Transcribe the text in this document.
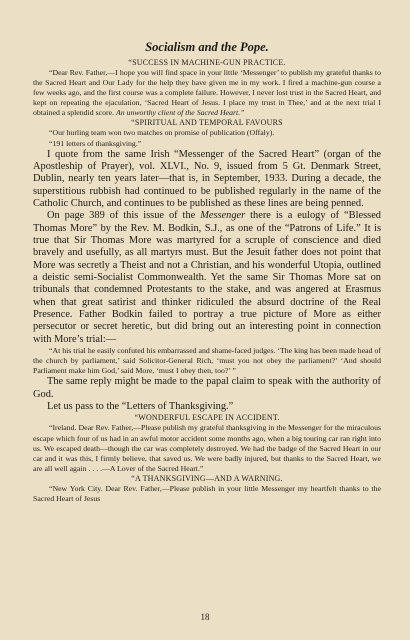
Socialism and the Pope.

“SUCCESS IN MACHINE-GUN PRACTICE.

“Dear Rev. Father,—I hope you will find space in your little ‘Messenger’ to publish my grateful thanks to the Sacred Heart and Our Lady for the help they have given me in my work. I fired a machine-gun course a few weeks ago, and the first course was a complete failure. However, I never lost trust in the Sacred Heart, and kept on repeating the ejaculation, ‘Sacred Heart of Jesus. I place my trust in Thee,’ and at the next trial I obtained a splendid score. An unworthy client of the Sacred Heart.”

“SPIRITUAL AND TEMPORAL FAVOURS

“Our hurling team won two matches on promise of publication (Offaly).

“191 letters of thanksgiving.”

I quote from the same Irish “Messenger of the Sacred Heart” (organ of the Apostleship of Prayer), vol. XLVI., No. 9, issued from 5 Gt. Denmark Street, Dublin, nearly ten years later—that is, in September, 1933. During a decade, the superstitious rubbish had continued to be published regularly in the name of the Catholic Church, and continues to be published as these lines are being penned.

On page 389 of this issue of the Messenger there is a eulogy of “Blessed Thomas More” by the Rev. M. Bodkin, S.J., as one of the “Patrons of Life.” It is true that Sir Thomas More was martyred for a scruple of conscience and died bravely and usefully, as all martyrs must. But the Jesuit father does not point that More was secretly a Theist and not a Christian, and his wonderful Utopia, outlined a deistic semi-Socialist Commonwealth. Yet the same Sir Thomas More sat on tribunals that condemned Protestants to the stake, and was angered at Erasmus when that great satirist and thinker ridiculed the absurd doctrine of the Real Presence. Father Bodkin failed to portray a true picture of More as either persecutor or secret heretic, but did bring out an interesting point in connection with More’s trial:—

“At his trial he easily confuted his embarrassed and shame-faced judges. ‘The king has been made head of the church by parliament,’ said Solicitor-General Rich, ‘must you not obey the parliament?’ ‘And should Parliament make him God,’ said More, ‘must I obey then, too?’ ”

The same reply might be made to the papal claim to speak with the authority of God.

Let us pass to the “Letters of Thanksgiving.”

“WONDERFUL ESCAPE IN ACCIDENT.

“Ireland. Dear Rev. Father,—Please publish my grateful thanksgiving in the Messenger for the miraculous escape which four of us had in an awful motor accident some months ago, when a big touring car ran right into us. We escaped death—though the car was completely destroyed. We had the badge of the Sacred Heart in our car and it was this, I firmly believe, that saved us. We were badly injured, but thanks to the Sacred Heart, we are all well again . . . .—A Lover of the Sacred Heart.”

“A THANKSGIVING—AND A WARNING.

“New York City. Dear Rev. Father,—Please publish in your little Messenger my heartfelt thanks to the Sacred Heart of Jesus

18
